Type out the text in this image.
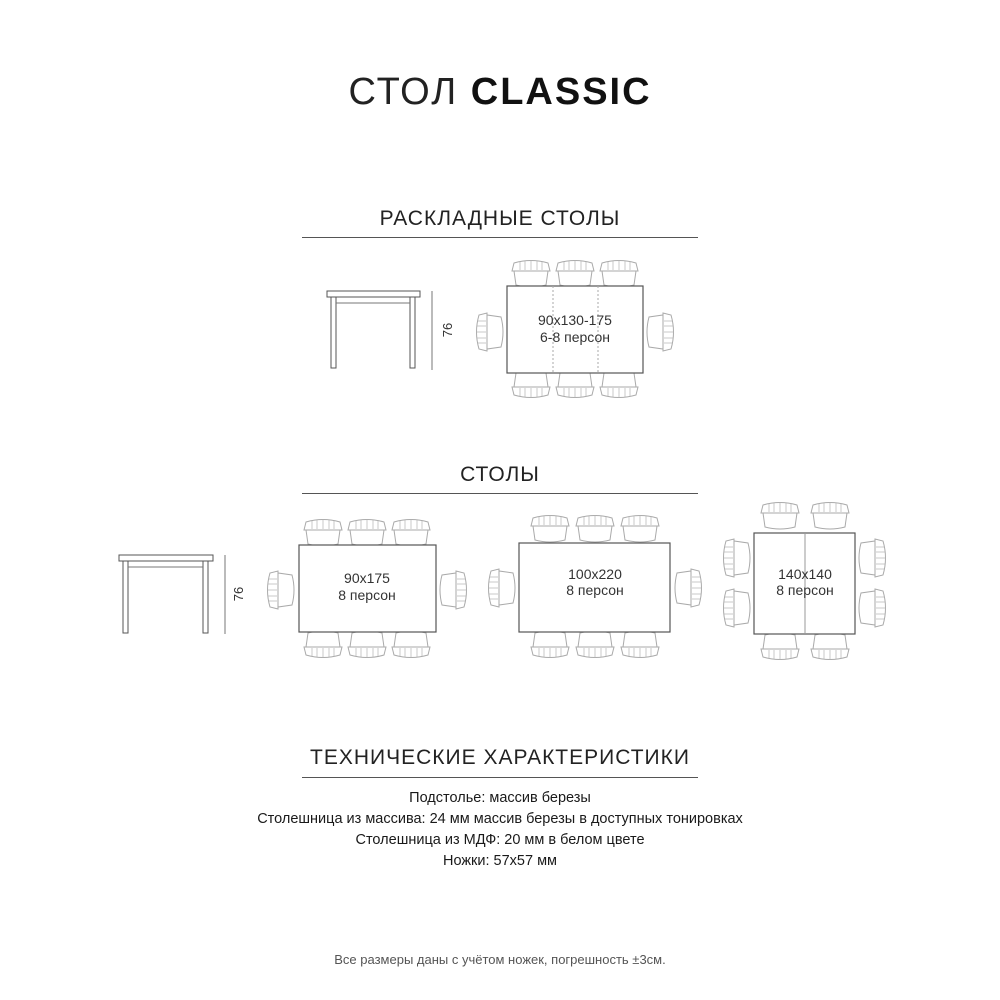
СТОЛ CLASSIC
РАСКЛАДНЫЕ СТОЛЫ
76
90x130-175
6-8 персон
76
90x175
8 персон
100x220
8 персон
140x140
8 персон
СТОЛЫ
ТЕХНИЧЕСКИЕ ХАРАКТЕРИСТИКИ
Подстолье: массив березы
Столешница из массива: 24 мм массив березы в доступных тонировках
Столешница из МДФ: 20 мм в белом цвете
Ножки: 57x57 мм
Все размеры даны с учётом ножек, погрешность ±3см.
